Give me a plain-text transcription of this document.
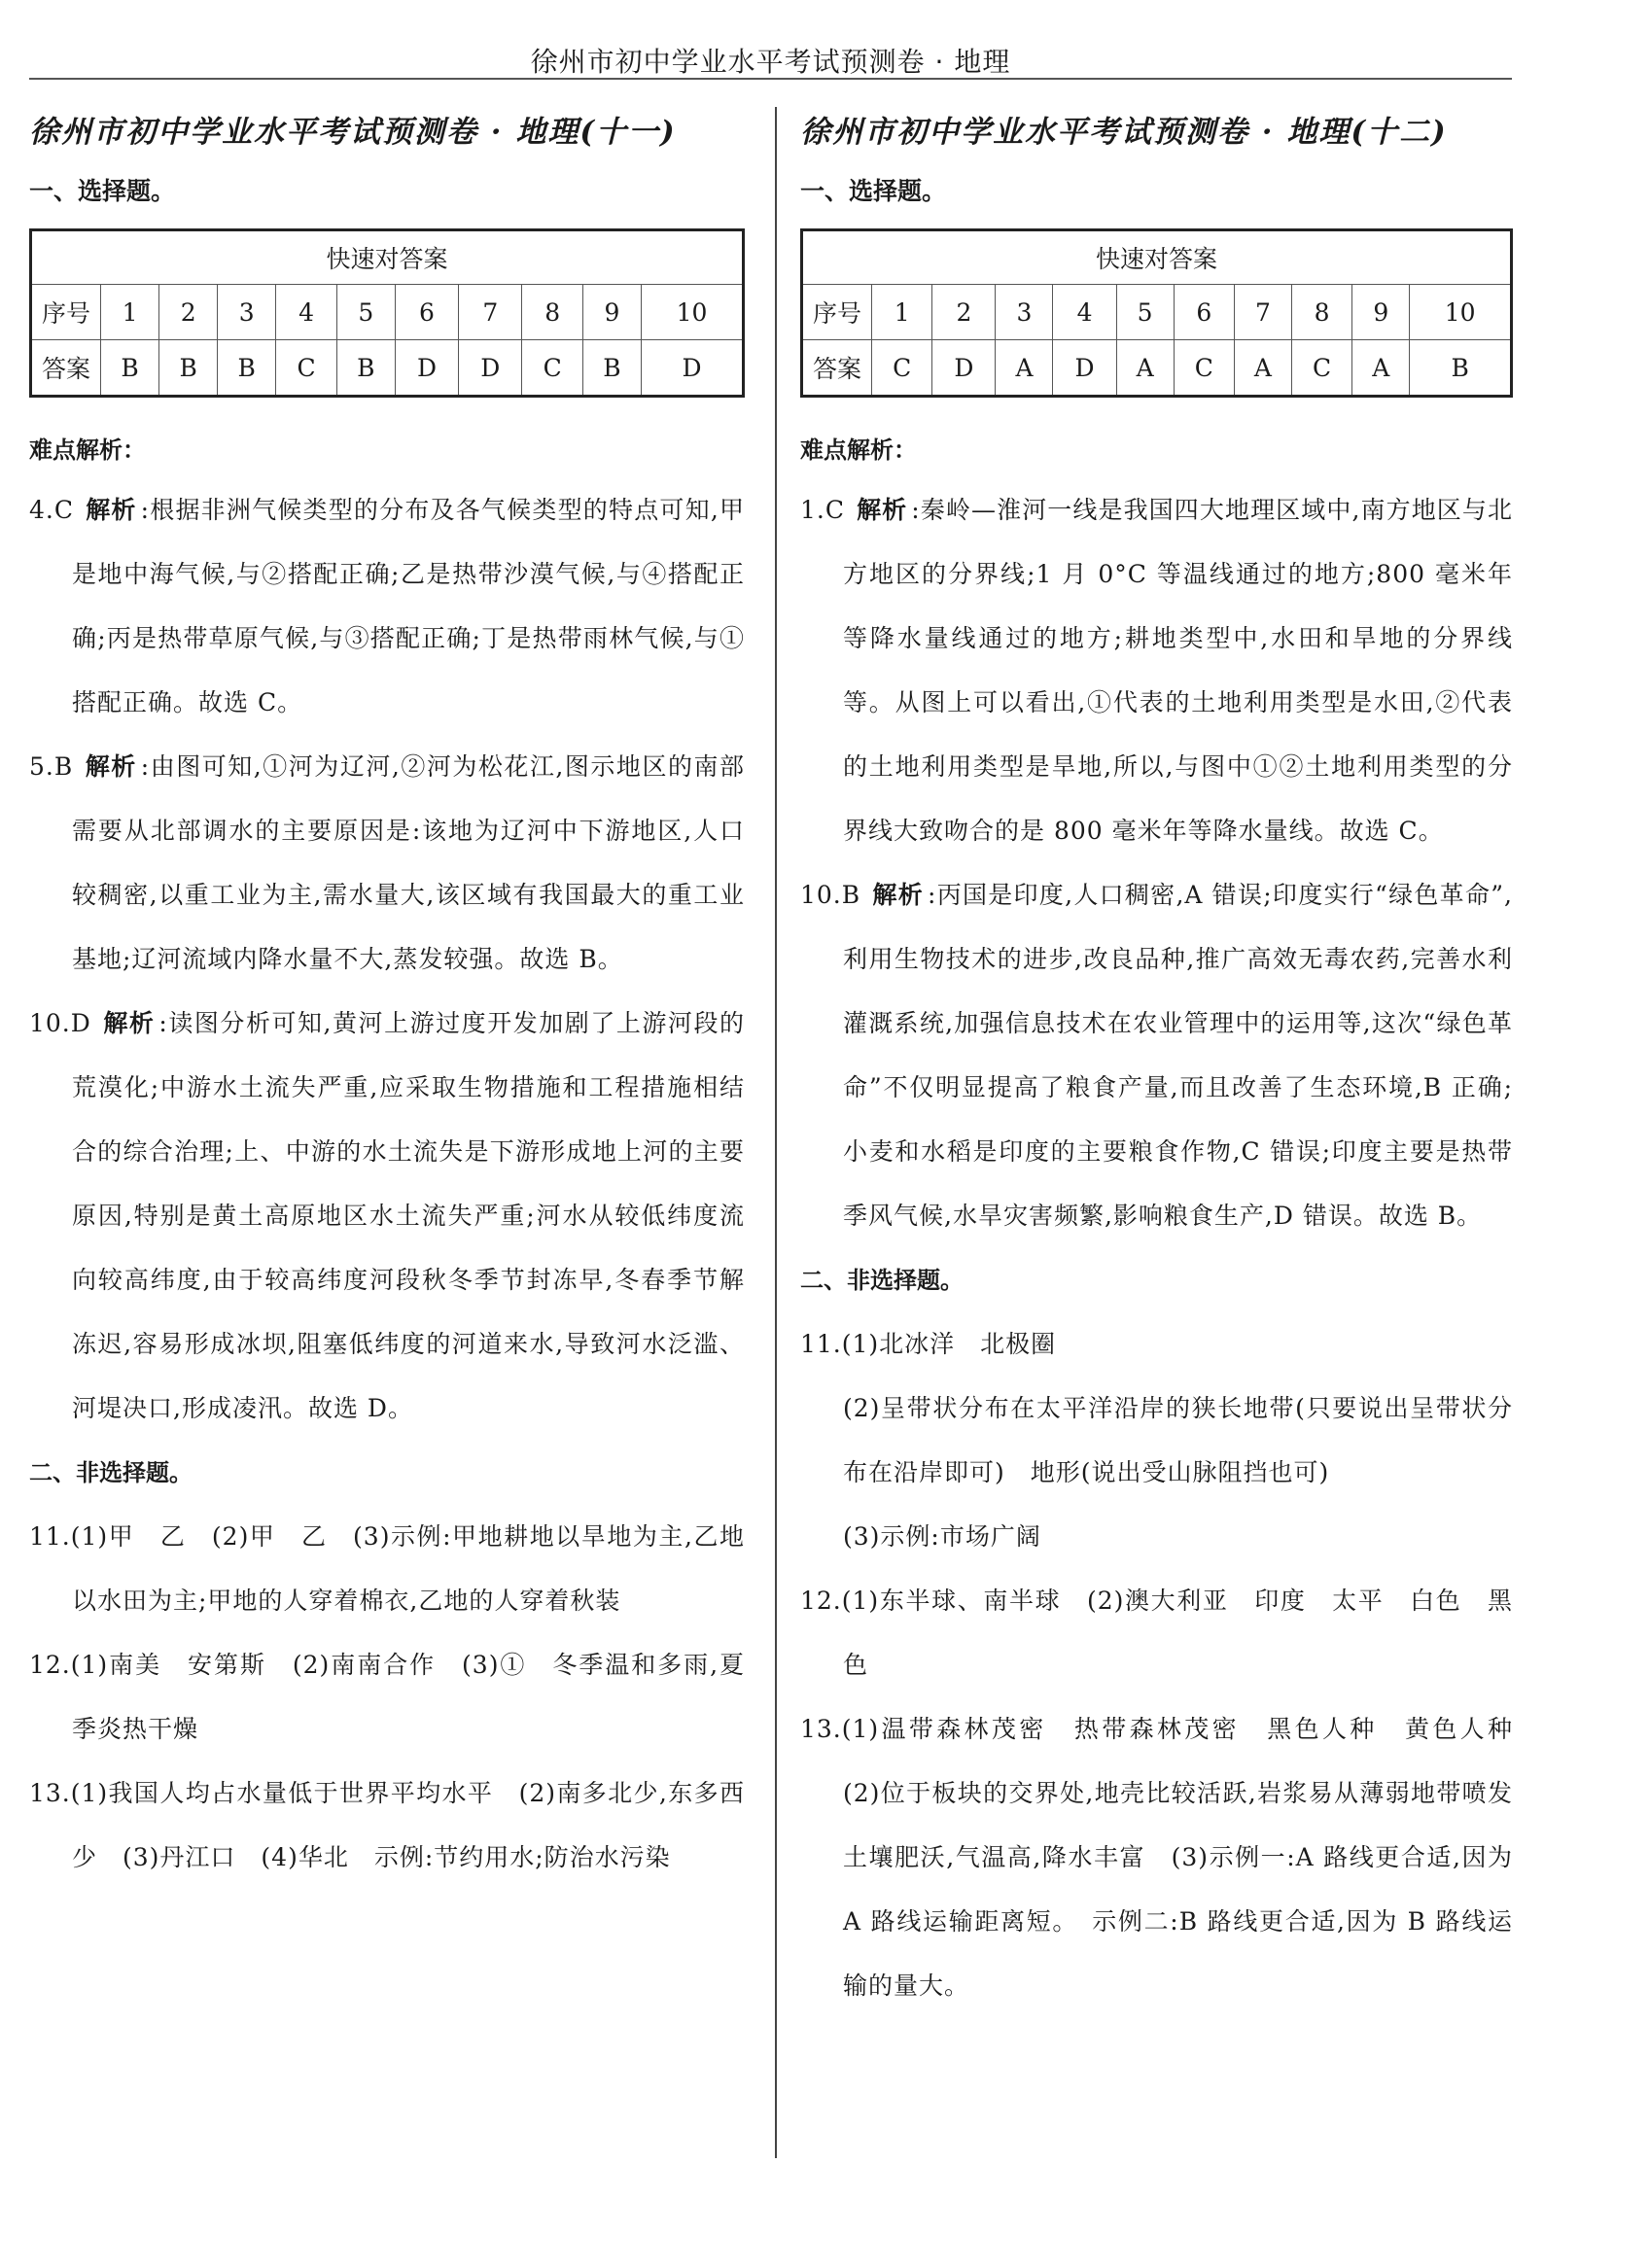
徐州市初中学业水平考试预测卷 · 地理
徐州市初中学业水平考试预测卷 · 地理(十一)
一、选择题。
快速对答案										
序号	1	2	3	4	5	6	7	8	9	10
答案	B	B	B	C	B	D	D	C	B	D
难点解析：

4.C 解析 :根据非洲气候类型的分布及各气候类型的特点可知,甲是地中海气候,与②搭配正确;乙是热带沙漠气候,与④搭配正确;丙是热带草原气候,与③搭配正确;丁是热带雨林气候,与①搭配正确。故选 C。

5.B 解析 :由图可知,①河为辽河,②河为松花江,图示地区的南部需要从北部调水的主要原因是:该地为辽河中下游地区,人口较稠密,以重工业为主,需水量大,该区域有我国最大的重工业基地;辽河流域内降水量不大,蒸发较强。故选 B。

10.D 解析 :读图分析可知,黄河上游过度开发加剧了上游河段的荒漠化;中游水土流失严重,应采取生物措施和工程措施相结合的综合治理;上、中游的水土流失是下游形成地上河的主要原因,特别是黄土高原地区水土流失严重;河水从较低纬度流向较高纬度,由于较高纬度河段秋冬季节封冻早,冬春季节解冻迟,容易形成冰坝,阻塞低纬度的河道来水,导致河水泛滥、河堤决口,形成凌汛。故选 D。

二、非选择题。

11.(1)甲　乙　(2)甲　乙　(3)示例:甲地耕地以旱地为主,乙地以水田为主;甲地的人穿着棉衣,乙地的人穿着秋装

12.(1)南美　安第斯　(2)南南合作　(3)①　冬季温和多雨,夏季炎热干燥

13.(1)我国人均占水量低于世界平均水平　(2)南多北少,东多西少　(3)丹江口　(4)华北　示例:节约用水;防治水污染

徐州市初中学业水平考试预测卷 · 地理(十二)
一、选择题。
快速对答案										
序号	1	2	3	4	5	6	7	8	9	10
答案	C	D	A	D	A	C	A	C	A	B
难点解析：

1.C 解析 :秦岭—淮河一线是我国四大地理区域中,南方地区与北方地区的分界线;1 月 0°C 等温线通过的地方;800 毫米年等降水量线通过的地方;耕地类型中,水田和旱地的分界线等。从图上可以看出,①代表的土地利用类型是水田,②代表的土地利用类型是旱地,所以,与图中①②土地利用类型的分界线大致吻合的是 800 毫米年等降水量线。故选 C。

10.B 解析 :丙国是印度,人口稠密,A 错误;印度实行“绿色革命”,利用生物技术的进步,改良品种,推广高效无毒农药,完善水利灌溉系统,加强信息技术在农业管理中的运用等,这次“绿色革命”不仅明显提高了粮食产量,而且改善了生态环境,B 正确;小麦和水稻是印度的主要粮食作物,C 错误;印度主要是热带季风气候,水旱灾害频繁,影响粮食生产,D 错误。故选 B。

二、非选择题。

11.(1)北冰洋　北极圈

(2)呈带状分布在太平洋沿岸的狭长地带(只要说出呈带状分布在沿岸即可)　地形(说出受山脉阻挡也可)

(3)示例:市场广阔

12.(1)东半球、南半球　(2)澳大利亚　印度　太平　白色　黑色

13.(1)温带森林茂密　热带森林茂密　黑色人种　黄色人种　(2)位于板块的交界处,地壳比较活跃,岩浆易从薄弱地带喷发　土壤肥沃,气温高,降水丰富　(3)示例一:A 路线更合适,因为 A 路线运输距离短。　示例二:B 路线更合适,因为 B 路线运输的量大。
